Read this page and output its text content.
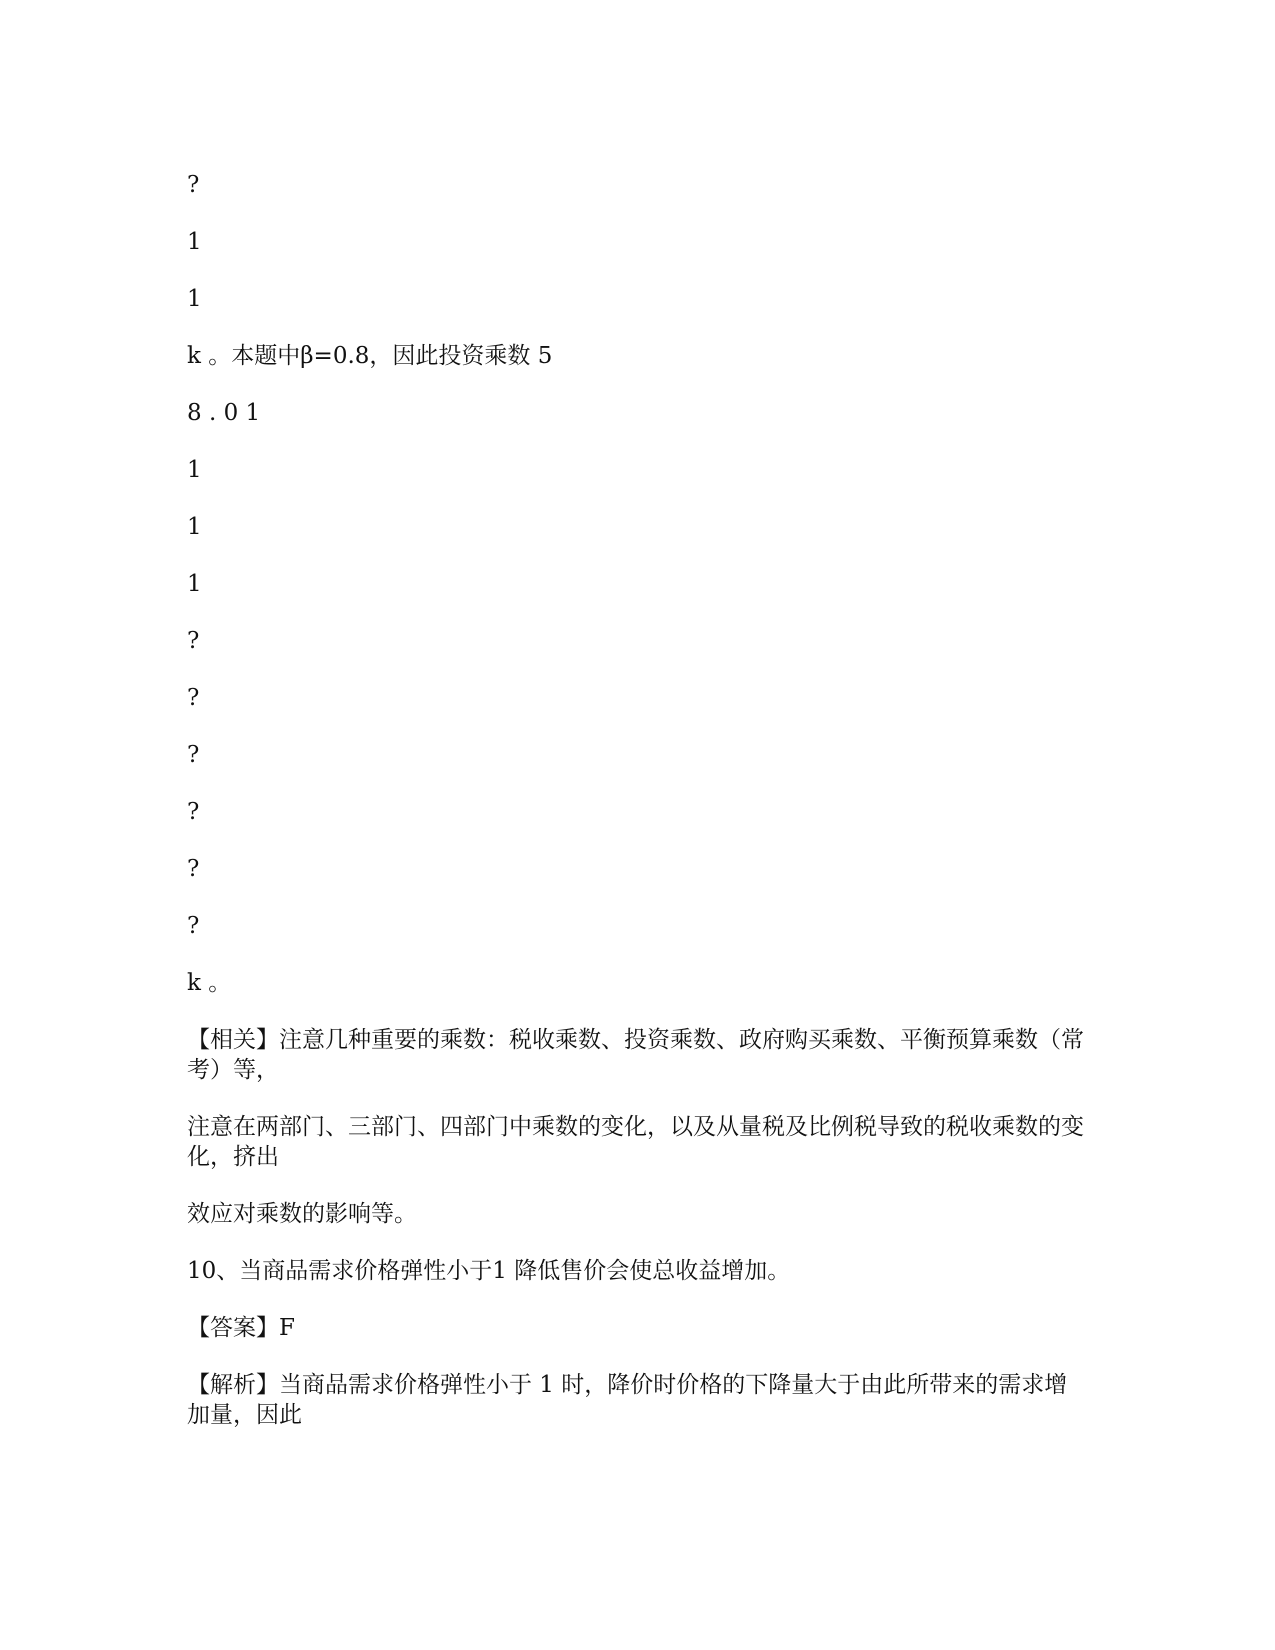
?
1
1
k 。本题中β=0.8，因此投资乘数 5
8 . 0 1
1
1
1
?
?
?
?
?
?
k 。
【相关】注意几种重要的乘数：税收乘数、投资乘数、政府购买乘数、平衡预算乘数（常考）等，
注意在两部门、三部门、四部门中乘数的变化，以及从量税及比例税导致的税收乘数的变化，挤出
效应对乘数的影响等。
10、当商品需求价格弹性小于1 降低售价会使总收益增加。
【答案】F
【解析】当商品需求价格弹性小于 1 时，降价时价格的下降量大于由此所带来的需求增加量，因此
